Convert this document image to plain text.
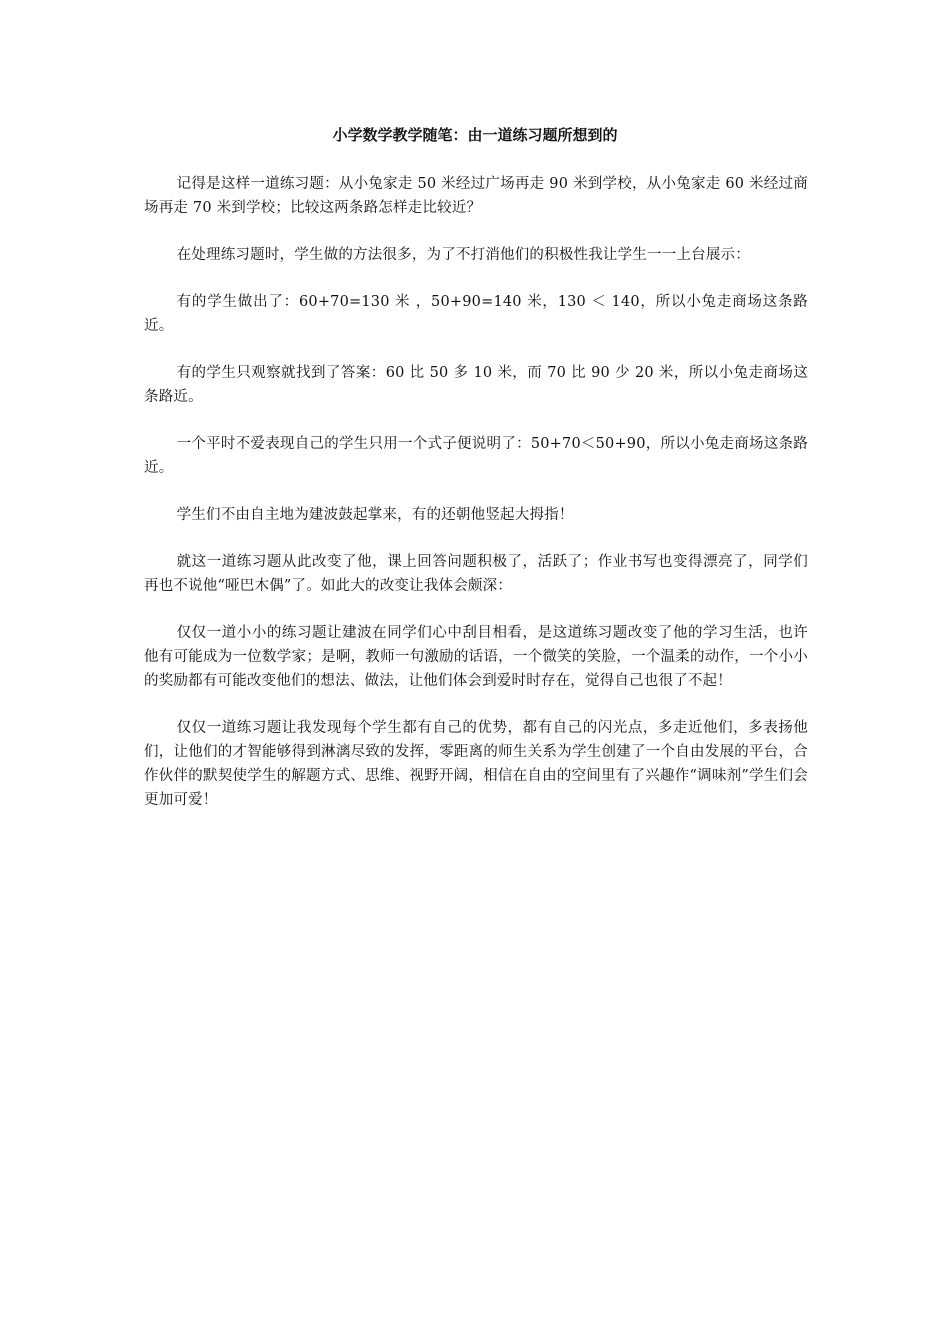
小学数学教学随笔：由一道练习题所想到的

记得是这样一道练习题：从小兔家走 50 米经过广场再走 90 米到学校，从小兔家走 60 米经过商场再走 70 米到学校；比较这两条路怎样走比较近？

在处理练习题时，学生做的方法很多，为了不打消他们的积极性我让学生一一上台展示：

有的学生做出了：60+70=130 米 ，50+90=140 米，130 ＜ 140，所以小兔走商场这条路近。

有的学生只观察就找到了答案：60 比 50 多 10 米，而 70 比 90 少 20 米，所以小兔走商场这条路近。

一个平时不爱表现自己的学生只用一个式子便说明了：50+70＜50+90，所以小兔走商场这条路近。

学生们不由自主地为建波鼓起掌来，有的还朝他竖起大拇指！

就这一道练习题从此改变了他，课上回答问题积极了，活跃了；作业书写也变得漂亮了，同学们再也不说他“哑巴木偶”了。如此大的改变让我体会颇深：

仅仅一道小小的练习题让建波在同学们心中刮目相看，是这道练习题改变了他的学习生活，也许他有可能成为一位数学家；是啊，教师一句激励的话语，一个微笑的笑脸，一个温柔的动作，一个小小的奖励都有可能改变他们的想法、做法，让他们体会到爱时时存在，觉得自己也很了不起！

仅仅一道练习题让我发现每个学生都有自己的优势，都有自己的闪光点，多走近他们，多表扬他们，让他们的才智能够得到淋漓尽致的发挥，零距离的师生关系为学生创建了一个自由发展的平台，合作伙伴的默契使学生的解题方式、思维、视野开阔，相信在自由的空间里有了兴趣作“调味剂”学生们会更加可爱！
